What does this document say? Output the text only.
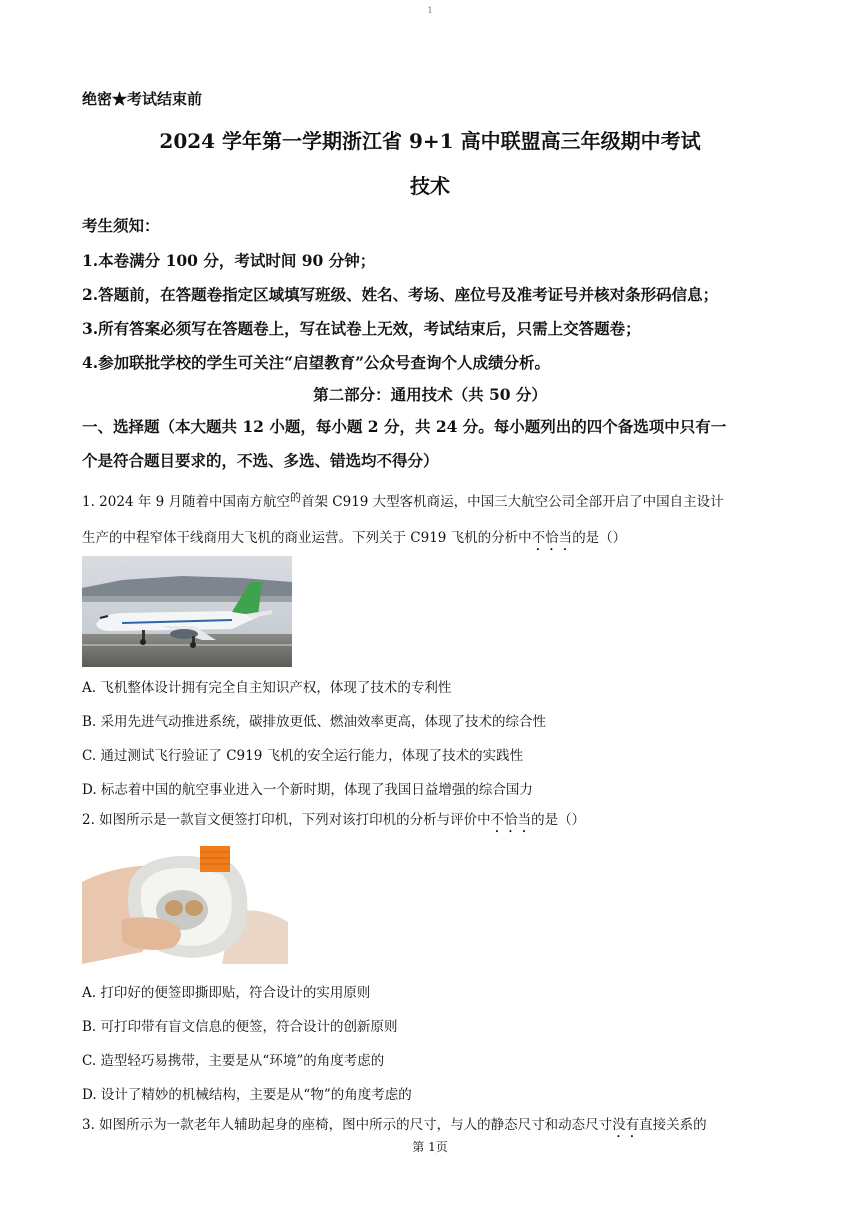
1
绝密★考试结束前
2024 学年第一学期浙江省 9+1 高中联盟高三年级期中考试
技术
考生须知：
1.本卷满分 100 分，考试时间 90 分钟；
2.答题前，在答题卷指定区域填写班级、姓名、考场、座位号及准考证号并核对条形码信息；
3.所有答案必须写在答题卷上，写在试卷上无效，考试结束后，只需上交答题卷；
4.参加联批学校的学生可关注“启望教育”公众号查询个人成绩分析。
第二部分：通用技术（共 50 分）
一、选择题（本大题共 12 小题，每小题 2 分，共 24 分。每小题列出的四个备选项中只有一
个是符合题目要求的，不选、多选、错选均不得分）
1. 2024 年 9 月随着中国南方航空$^的$首架 C919 大型客机商运，中国三大航空公司全部开启了中国自主设计
生产的中程窄体干线商用大飞机的商业运营。下列关于 C919 飞机的分析中不恰当的是（）
A. 飞机整体设计拥有完全自主知识产权，体现了技术的专利性
B. 采用先进气动推进系统，碳排放更低、燃油效率更高，体现了技术的综合性
C. 通过测试飞行验证了 C919 飞机的安全运行能力，体现了技术的实践性
D. 标志着中国的航空事业进入一个新时期，体现了我国日益增强的综合国力
2. 如图所示是一款盲文便签打印机，下列对该打印机的分析与评价中不恰当的是（）
A. 打印好的便签即撕即贴，符合设计的实用原则
B. 可打印带有盲文信息的便签，符合设计的创新原则
C. 造型轻巧易携带，主要是从“环境”的角度考虑的
D. 设计了精妙的机械结构，主要是从“物”的角度考虑的
3. 如图所示为一款老年人辅助起身的座椅，图中所示的尺寸，与人的静态尺寸和动态尺寸没有直接关系的
第 1页
